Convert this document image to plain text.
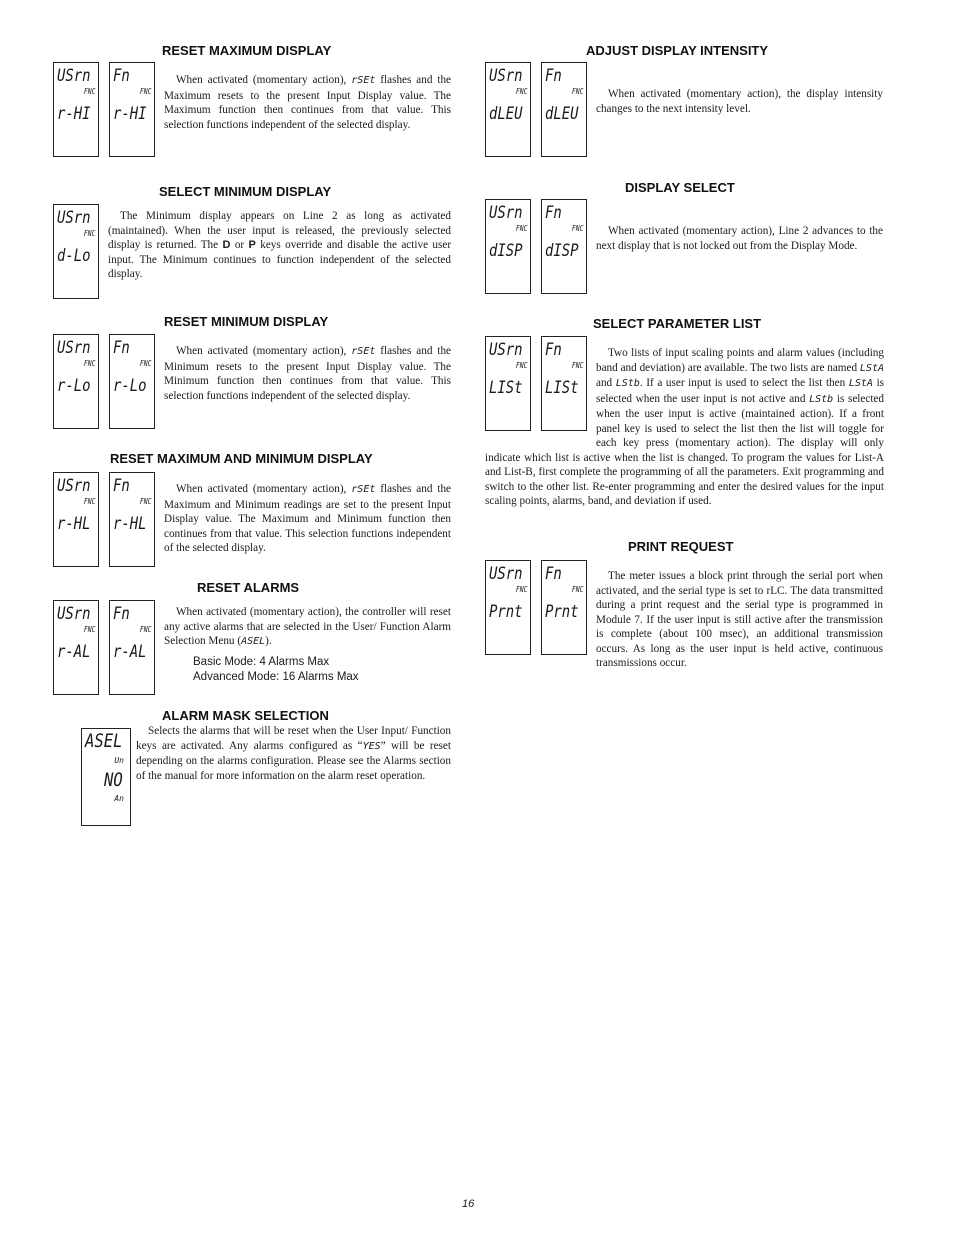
RESET MAXIMUM DISPLAY
USrn
FNC
r-HI
Fn
FNC
r-HI

When activated (momentary action), rSEt flashes and the Maximum resets to the present Input Display value. The Maximum function then continues from that value. This selection functions independent of the selected display.

SELECT MINIMUM DISPLAY
USrn
FNC
d-Lo

The Minimum display appears on Line 2 as long as activated (maintained). When the user input is released, the previously selected display is returned. The D or P keys override and disable the active user input. The Minimum continues to function independent of the selected display.

RESET MINIMUM DISPLAY
USrn
FNC
r-Lo
Fn
FNC
r-Lo

When activated (momentary action), rSEt flashes and the Minimum resets to the present Input Display value. The Minimum function then continues from that value. This selection functions independent of the selected display.

RESET MAXIMUM AND MINIMUM DISPLAY
USrn
FNC
r-HL
Fn
FNC
r-HL

When activated (momentary action), rSEt flashes and the Maximum and Minimum readings are set to the present Input Display value. The Maximum and Minimum function then continues from that value. This selection functions independent of the selected display.

RESET ALARMS
USrn
FNC
r-AL
Fn
FNC
r-AL

When activated (momentary action), the controller will reset any active alarms that are selected in the User/ Function Alarm Selection Menu (ASEL).

Basic Mode: 4 Alarms Max
Advanced Mode: 16 Alarms Max
ALARM MASK SELECTION
ASEL
Un
NO
An

Selects the alarms that will be reset when the User Input/ Function keys are activated. Any alarms configured as “YES” will be reset depending on the alarms configuration. Please see the Alarms section of the manual for more information on the alarm reset operation.

ADJUST DISPLAY INTENSITY
USrn
FNC
dLEU
Fn
FNC
dLEU

When activated (momentary action), the display intensity changes to the next intensity level.

DISPLAY SELECT
USrn
FNC
dISP
Fn
FNC
dISP

When activated (momentary action), Line 2 advances to the next display that is not locked out from the Display Mode.

SELECT PARAMETER LIST
USrn
FNC
LISt
Fn
FNC
LISt

Two lists of input scaling points and alarm values (including band and deviation) are available. The two lists are named LStA and LStb. If a user input is used to select the list then LStA is selected when the user input is not active and LStb is selected when the user input is active (maintained action). If a front panel key is used to select the list then the list will toggle for each key press (momentary action). The display will only indicate which list is active when the list is changed. To program the values for List-A and List-B, first complete the programming of all the parameters. Exit programming and switch to the other list. Re-enter programming and enter the desired values for the input scaling points, alarms, band, and deviation if used.

PRINT REQUEST
USrn
FNC
Prnt
Fn
FNC
Prnt

The meter issues a block print through the serial port when activated, and the serial type is set to rLC. The data transmitted during a print request and the serial type is programmed in Module 7. If the user input is still active after the transmission is complete (about 100 msec), an additional transmission occurs. As long as the user input is held active, continuous transmissions occur.

16
